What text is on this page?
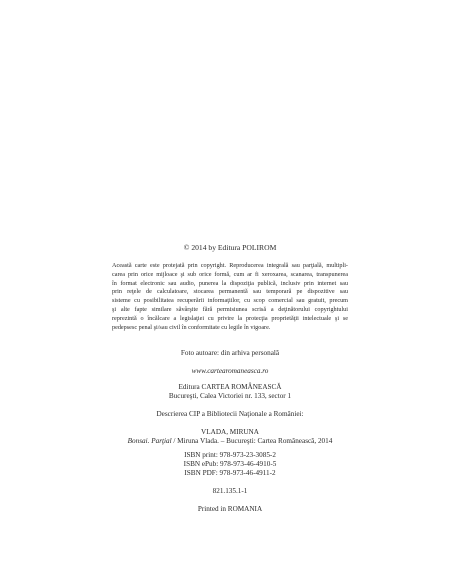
© 2014 by Editura POLIROM
Această carte este protejată prin copyright. Reproducerea integrală sau parţială, multipli-
carea prin orice mijloace şi sub orice formă, cum ar fi xeroxarea, scanarea, transpunerea
în format electronic sau audio, punerea la dispoziţia publică, inclusiv prin internet sau
prin reţele de calculatoare, stocarea permanentă sau temporară pe dispozitive sau
sisteme cu posibilitatea recuperării informaţiilor, cu scop comercial sau gratuit, precum
şi alte fapte similare săvârşite fără permisiunea scrisă a deţinătorului copyrightului
reprezintă o încălcare a legislaţiei cu privire la protecţia proprietăţii intelectuale şi se
pedepsesc penal şi/sau civil în conformitate cu legile în vigoare.
Foto autoare: din arhiva personală
www.cartearomaneasca.ro
Editura CARTEA ROMÂNEASCĂ
Bucureşti, Calea Victoriei nr. 133, sector 1
Descrierea CIP a Bibliotecii Naţionale a României:
VLADA, MIRUNA
Bonsai. Parţial / Miruna Vlada. – Bucureşti: Cartea Românească, 2014
ISBN print: 978-973-23-3085-2
ISBN ePub: 978-973-46-4910-5
ISBN PDF: 978-973-46-4911-2
821.135.1-1
Printed in ROMANIA
